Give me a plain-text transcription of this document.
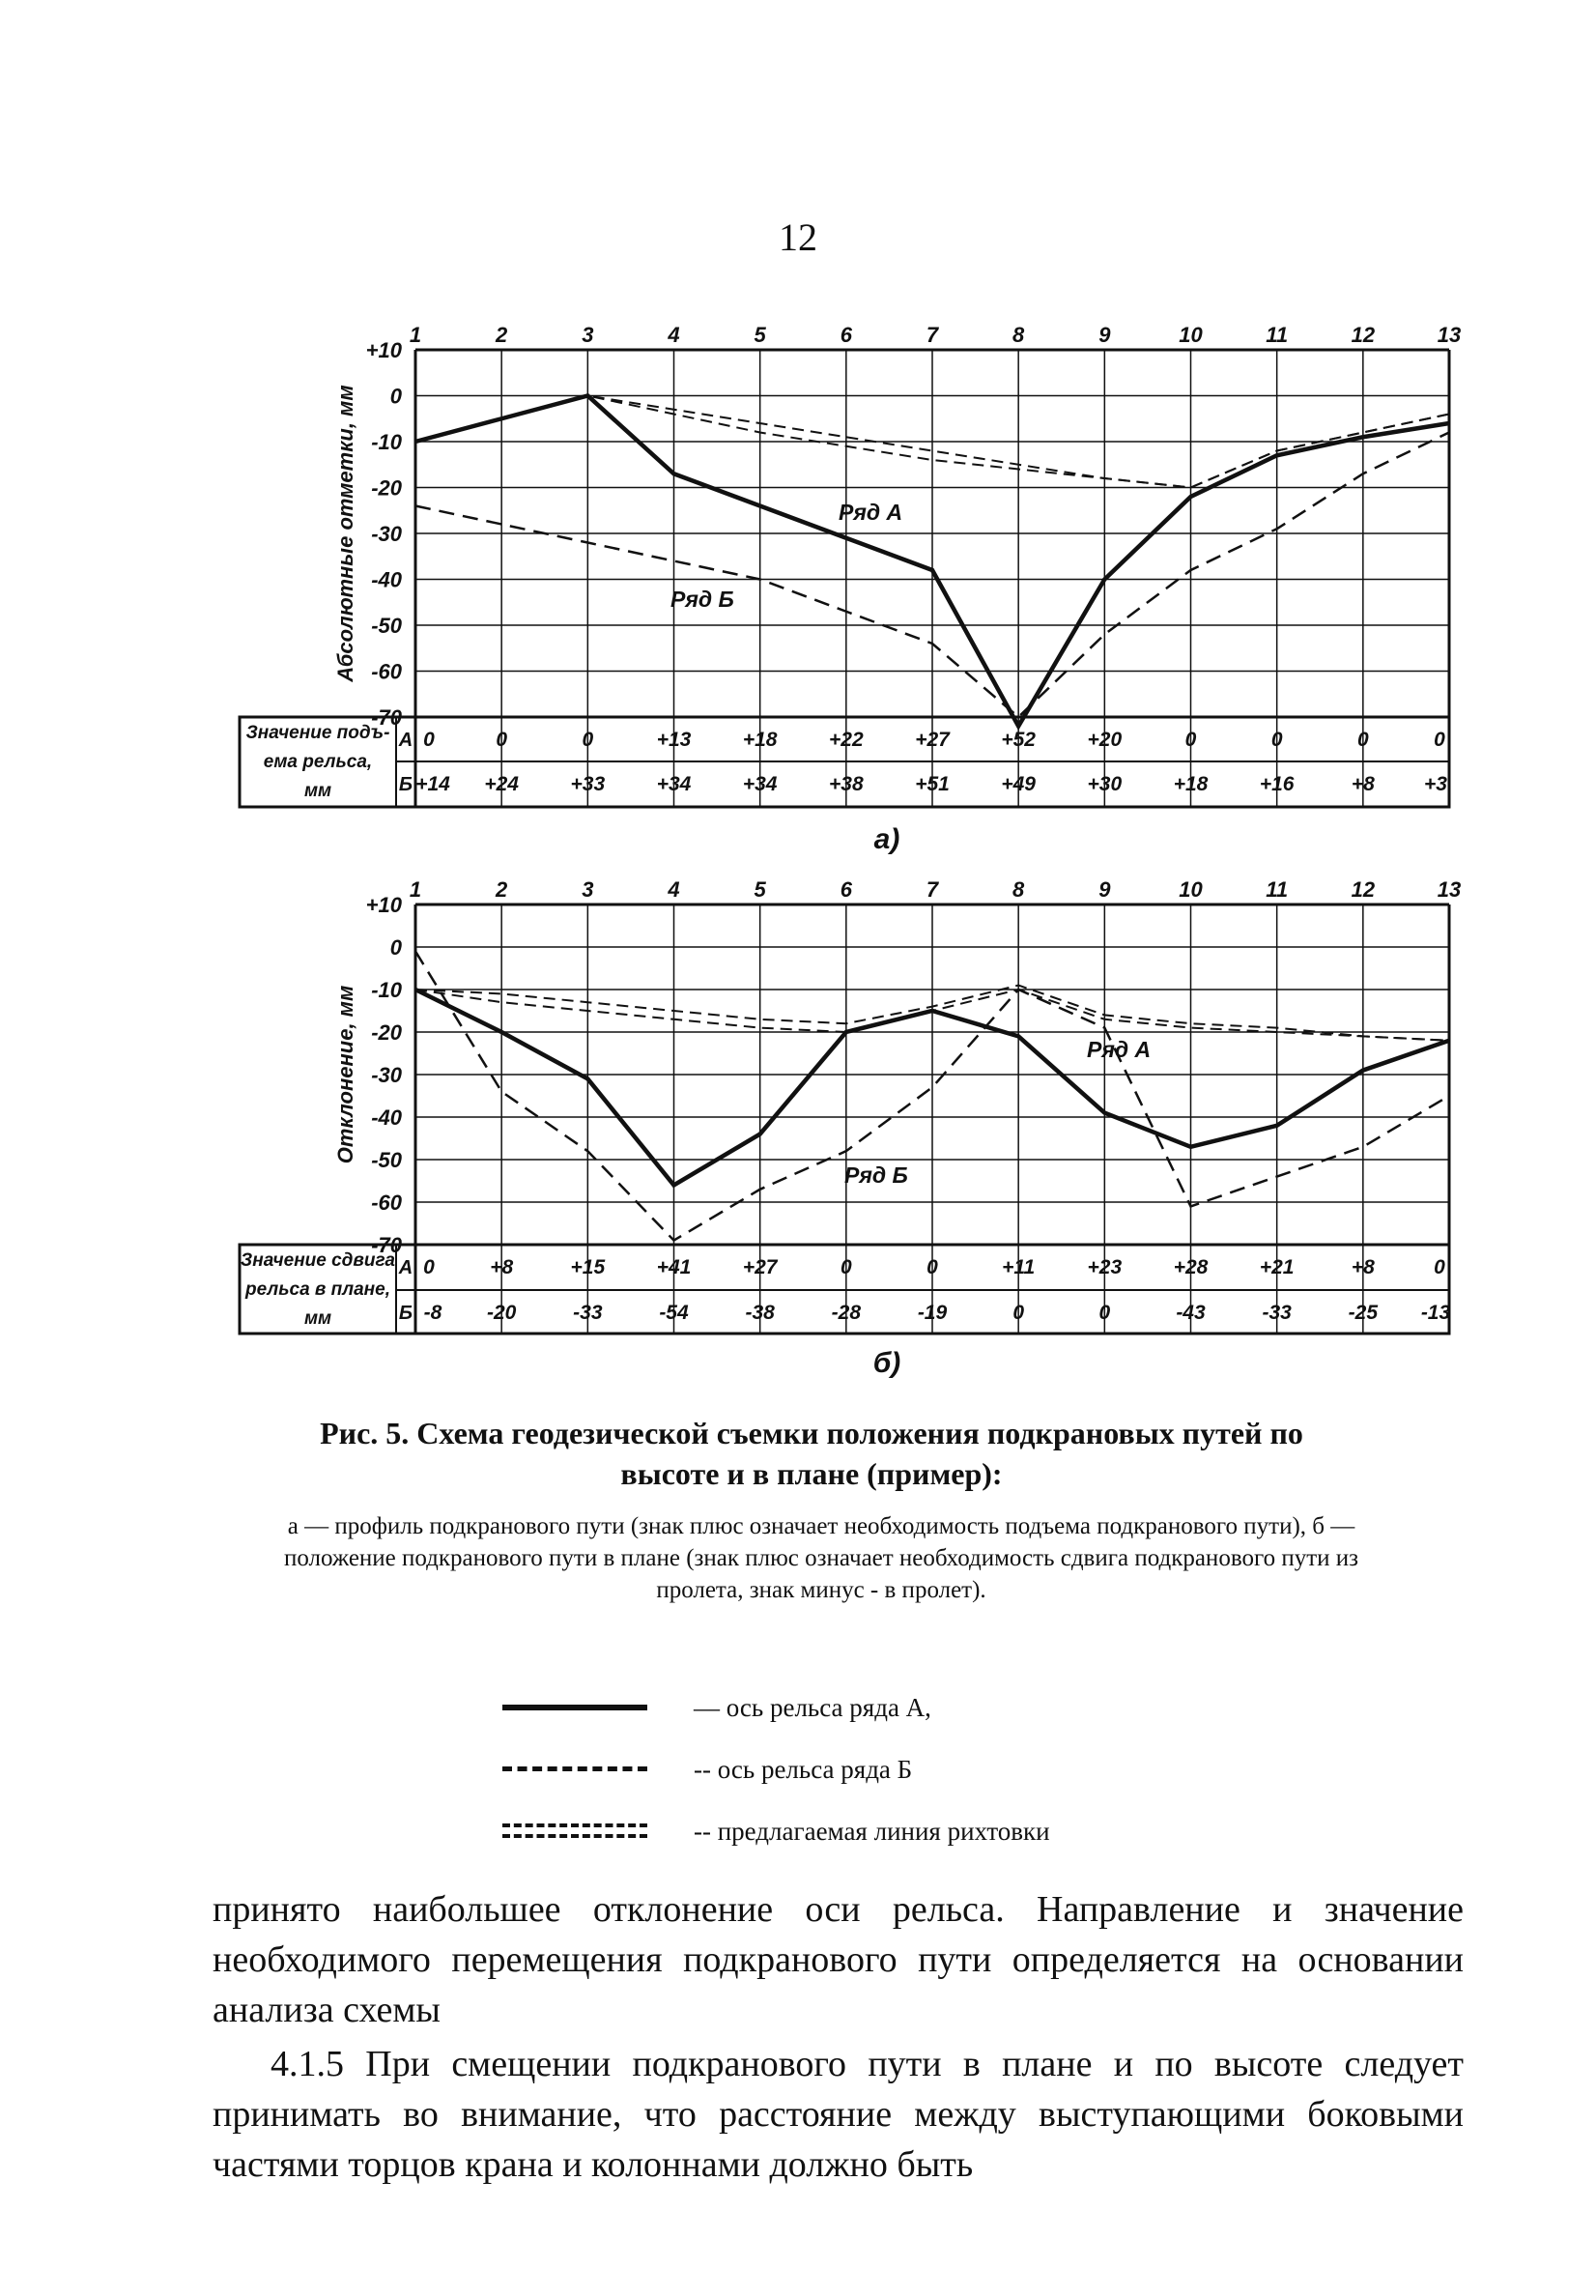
12
+10
0
-10
-20
-30
-40
-50
-60
-70
Абсолютные отметки, мм
1	2	3	4	5	6	7	8	9	10	11	12	13
Значение подъ-
ема рельса,
мм
А
Б
0	0	0	+13	+18	+22	+27	+52	+20	0	0	0	0
+14 +24	+33	+34	+34	+38	+51	+49	+30	+18	+16	+8 +3
Ряд А
Ряд Б
а)
+10
0
-10
-20
-30
-40
-50
-60
-70
Отклонение, мм
1	2	3	4	5	6	7	8	9	10	11	12	13
Значение сдвига
рельса в плане,
мм
А
Б
0	+8	+15	+41	+27	0	0	+11	+23	+28	+21	+8	0
-8 -20	-33	-54	-38	-28	-19	0	0	-43	-33	-25 -13
Ряд А
Ряд Б
б)
Рис. 5. Схема геодезической съемки положения подкрановых путей по высоте и в плане (пример):
а — профиль подкранового пути (знак плюс означает необходимость подъема подкранового пути), б — положение подкранового пути в плане (знак плюс означает необходимость сдвига подкранового пути из пролета, знак минус - в пролет).
— ось рельса ряда А,
-- ось рельса ряда Б
-- предлагаемая линия рихтовки
принято наибольшее отклонение оси рельса. Направление и значение необходимого перемещения подкранового пути определяется на основании анализа схемы
4.1.5 При смещении подкранового пути в плане и по высоте следует принимать во внимание, что расстояние между выступающими боковыми частями торцов крана и колоннами должно быть
